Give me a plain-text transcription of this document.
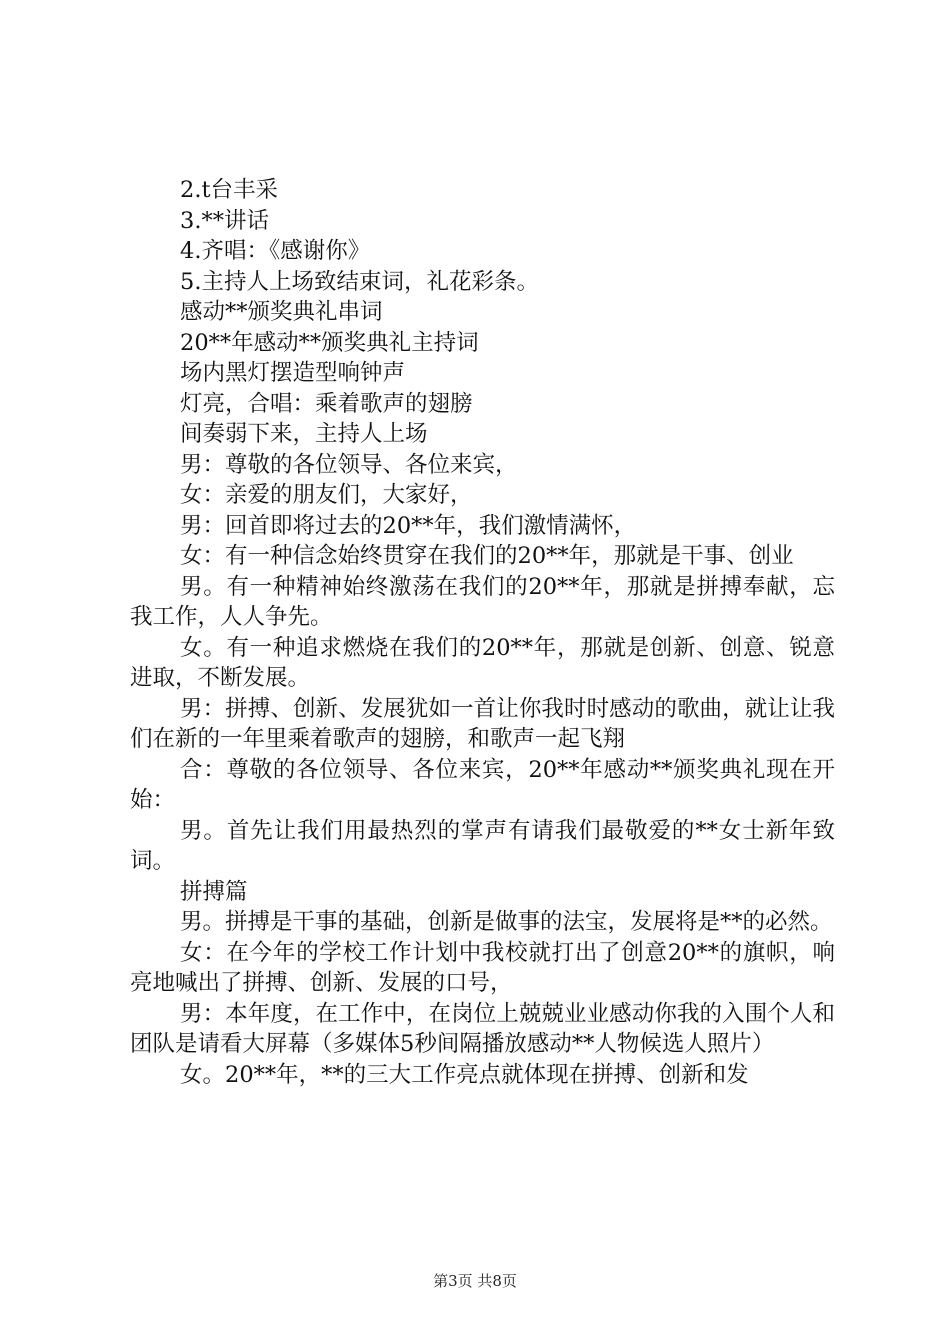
2.t台丰采

3.**讲话

4.齐唱：《感谢你》

5.主持人上场致结束词，礼花彩条。

感动**颁奖典礼串词

20**年感动**颁奖典礼主持词

场内黑灯摆造型响钟声

灯亮，合唱：乘着歌声的翅膀

间奏弱下来，主持人上场

男：尊敬的各位领导、各位来宾，

女：亲爱的朋友们，大家好，

男：回首即将过去的20**年，我们激情满怀，

女：有一种信念始终贯穿在我们的20**年，那就是干事、创业

男。有一种精神始终激荡在我们的20**年，那就是拼搏奉献，忘我工作，人人争先。

女。有一种追求燃烧在我们的20**年，那就是创新、创意、锐意进取，不断发展。

男：拼搏、创新、发展犹如一首让你我时时感动的歌曲，就让让我们在新的一年里乘着歌声的翅膀，和歌声一起飞翔

合：尊敬的各位领导、各位来宾，20**年感动**颁奖典礼现在开始：

男。首先让我们用最热烈的掌声有请我们最敬爱的**女士新年致词。

拼搏篇

男。拼搏是干事的基础，创新是做事的法宝，发展将是**的必然。

女：在今年的学校工作计划中我校就打出了创意20**的旗帜，响亮地喊出了拼搏、创新、发展的口号，

男：本年度，在工作中，在岗位上兢兢业业感动你我的入围个人和团队是请看大屏幕（多媒体5秒间隔播放感动**人物候选人照片）

女。20**年，**的三大工作亮点就体现在拼搏、创新和发

第3页 共8页
